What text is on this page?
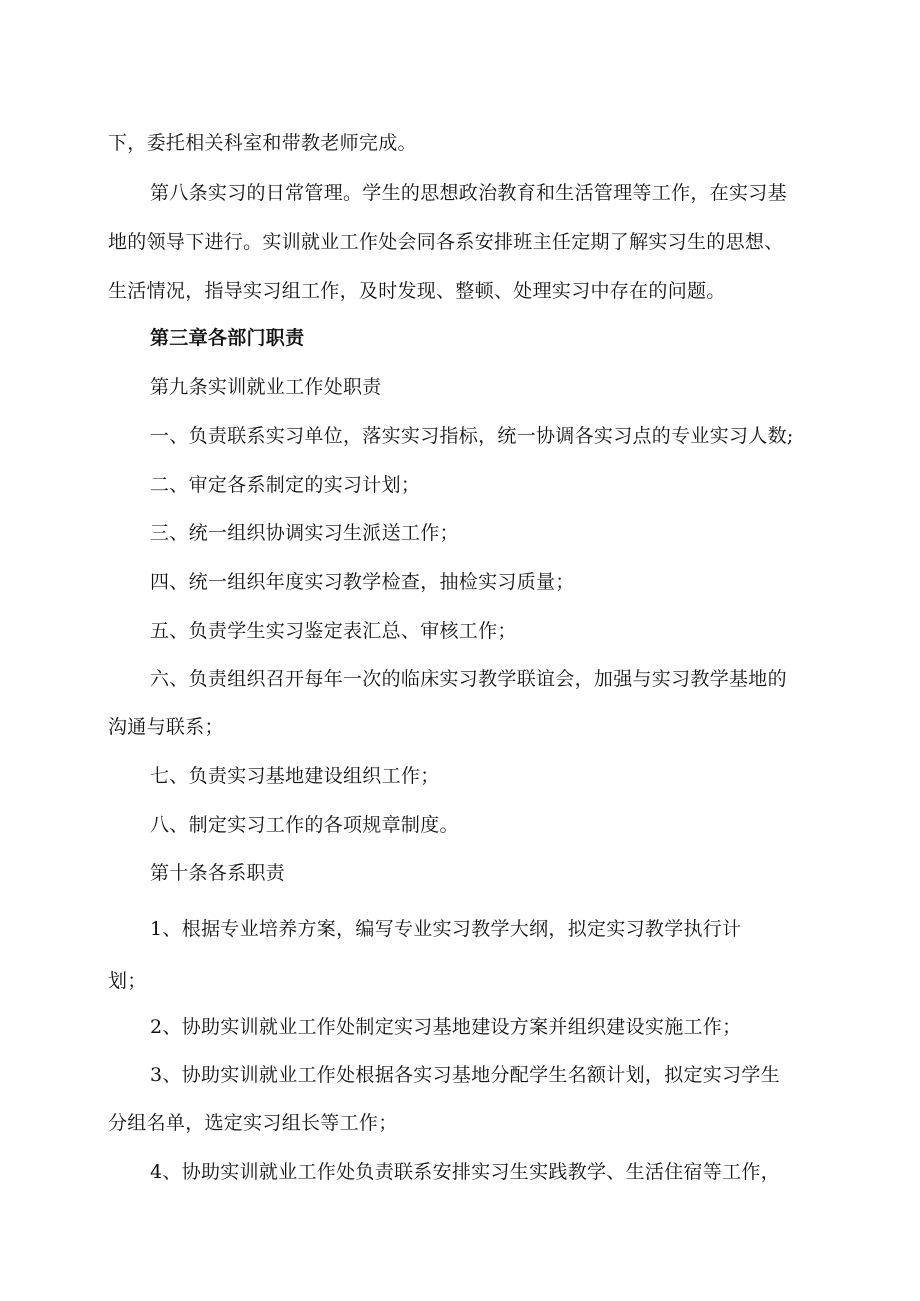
下，委托相关科室和带教老师完成。
第八条实习的日常管理。学生的思想政治教育和生活管理等工作，在实习基
地的领导下进行。实训就业工作处会同各系安排班主任定期了解实习生的思想、
生活情况，指导实习组工作，及时发现、整顿、处理实习中存在的问题。
第三章各部门职责
第九条实训就业工作处职责
一、负责联系实习单位，落实实习指标，统一协调各实习点的专业实习人数;
二、审定各系制定的实习计划；
三、统一组织协调实习生派送工作；
四、统一组织年度实习教学检查，抽检实习质量；
五、负责学生实习鉴定表汇总、审核工作；
六、负责组织召开每年一次的临床实习教学联谊会，加强与实习教学基地的
沟通与联系；
七、负责实习基地建设组织工作；
八、制定实习工作的各项规章制度。
第十条各系职责
1、根据专业培养方案，编写专业实习教学大纲，拟定实习教学执行计
划；
2、协助实训就业工作处制定实习基地建设方案并组织建设实施工作；
3、协助实训就业工作处根据各实习基地分配学生名额计划，拟定实习学生
分组名单，选定实习组长等工作；
4、协助实训就业工作处负责联系安排实习生实践教学、生活住宿等工作，
